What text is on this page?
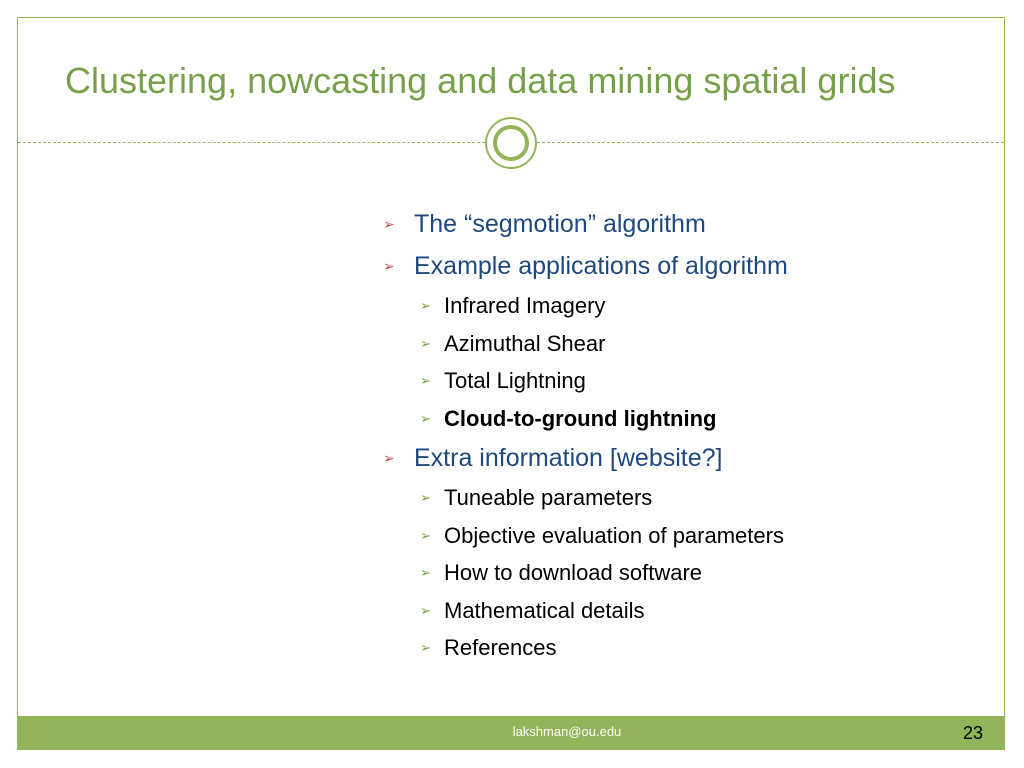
Clustering, nowcasting and data mining spatial grids
➢ The “segmotion” algorithm
➢ Example applications of algorithm
➢ Infrared Imagery
➢ Azimuthal Shear
➢ Total Lightning
➢ Cloud-to-ground lightning
➢ Extra information [website?]
➢ Tuneable parameters
➢ Objective evaluation of parameters
➢ How to download software
➢ Mathematical details
➢ References
lakshman@ou.edu	23
